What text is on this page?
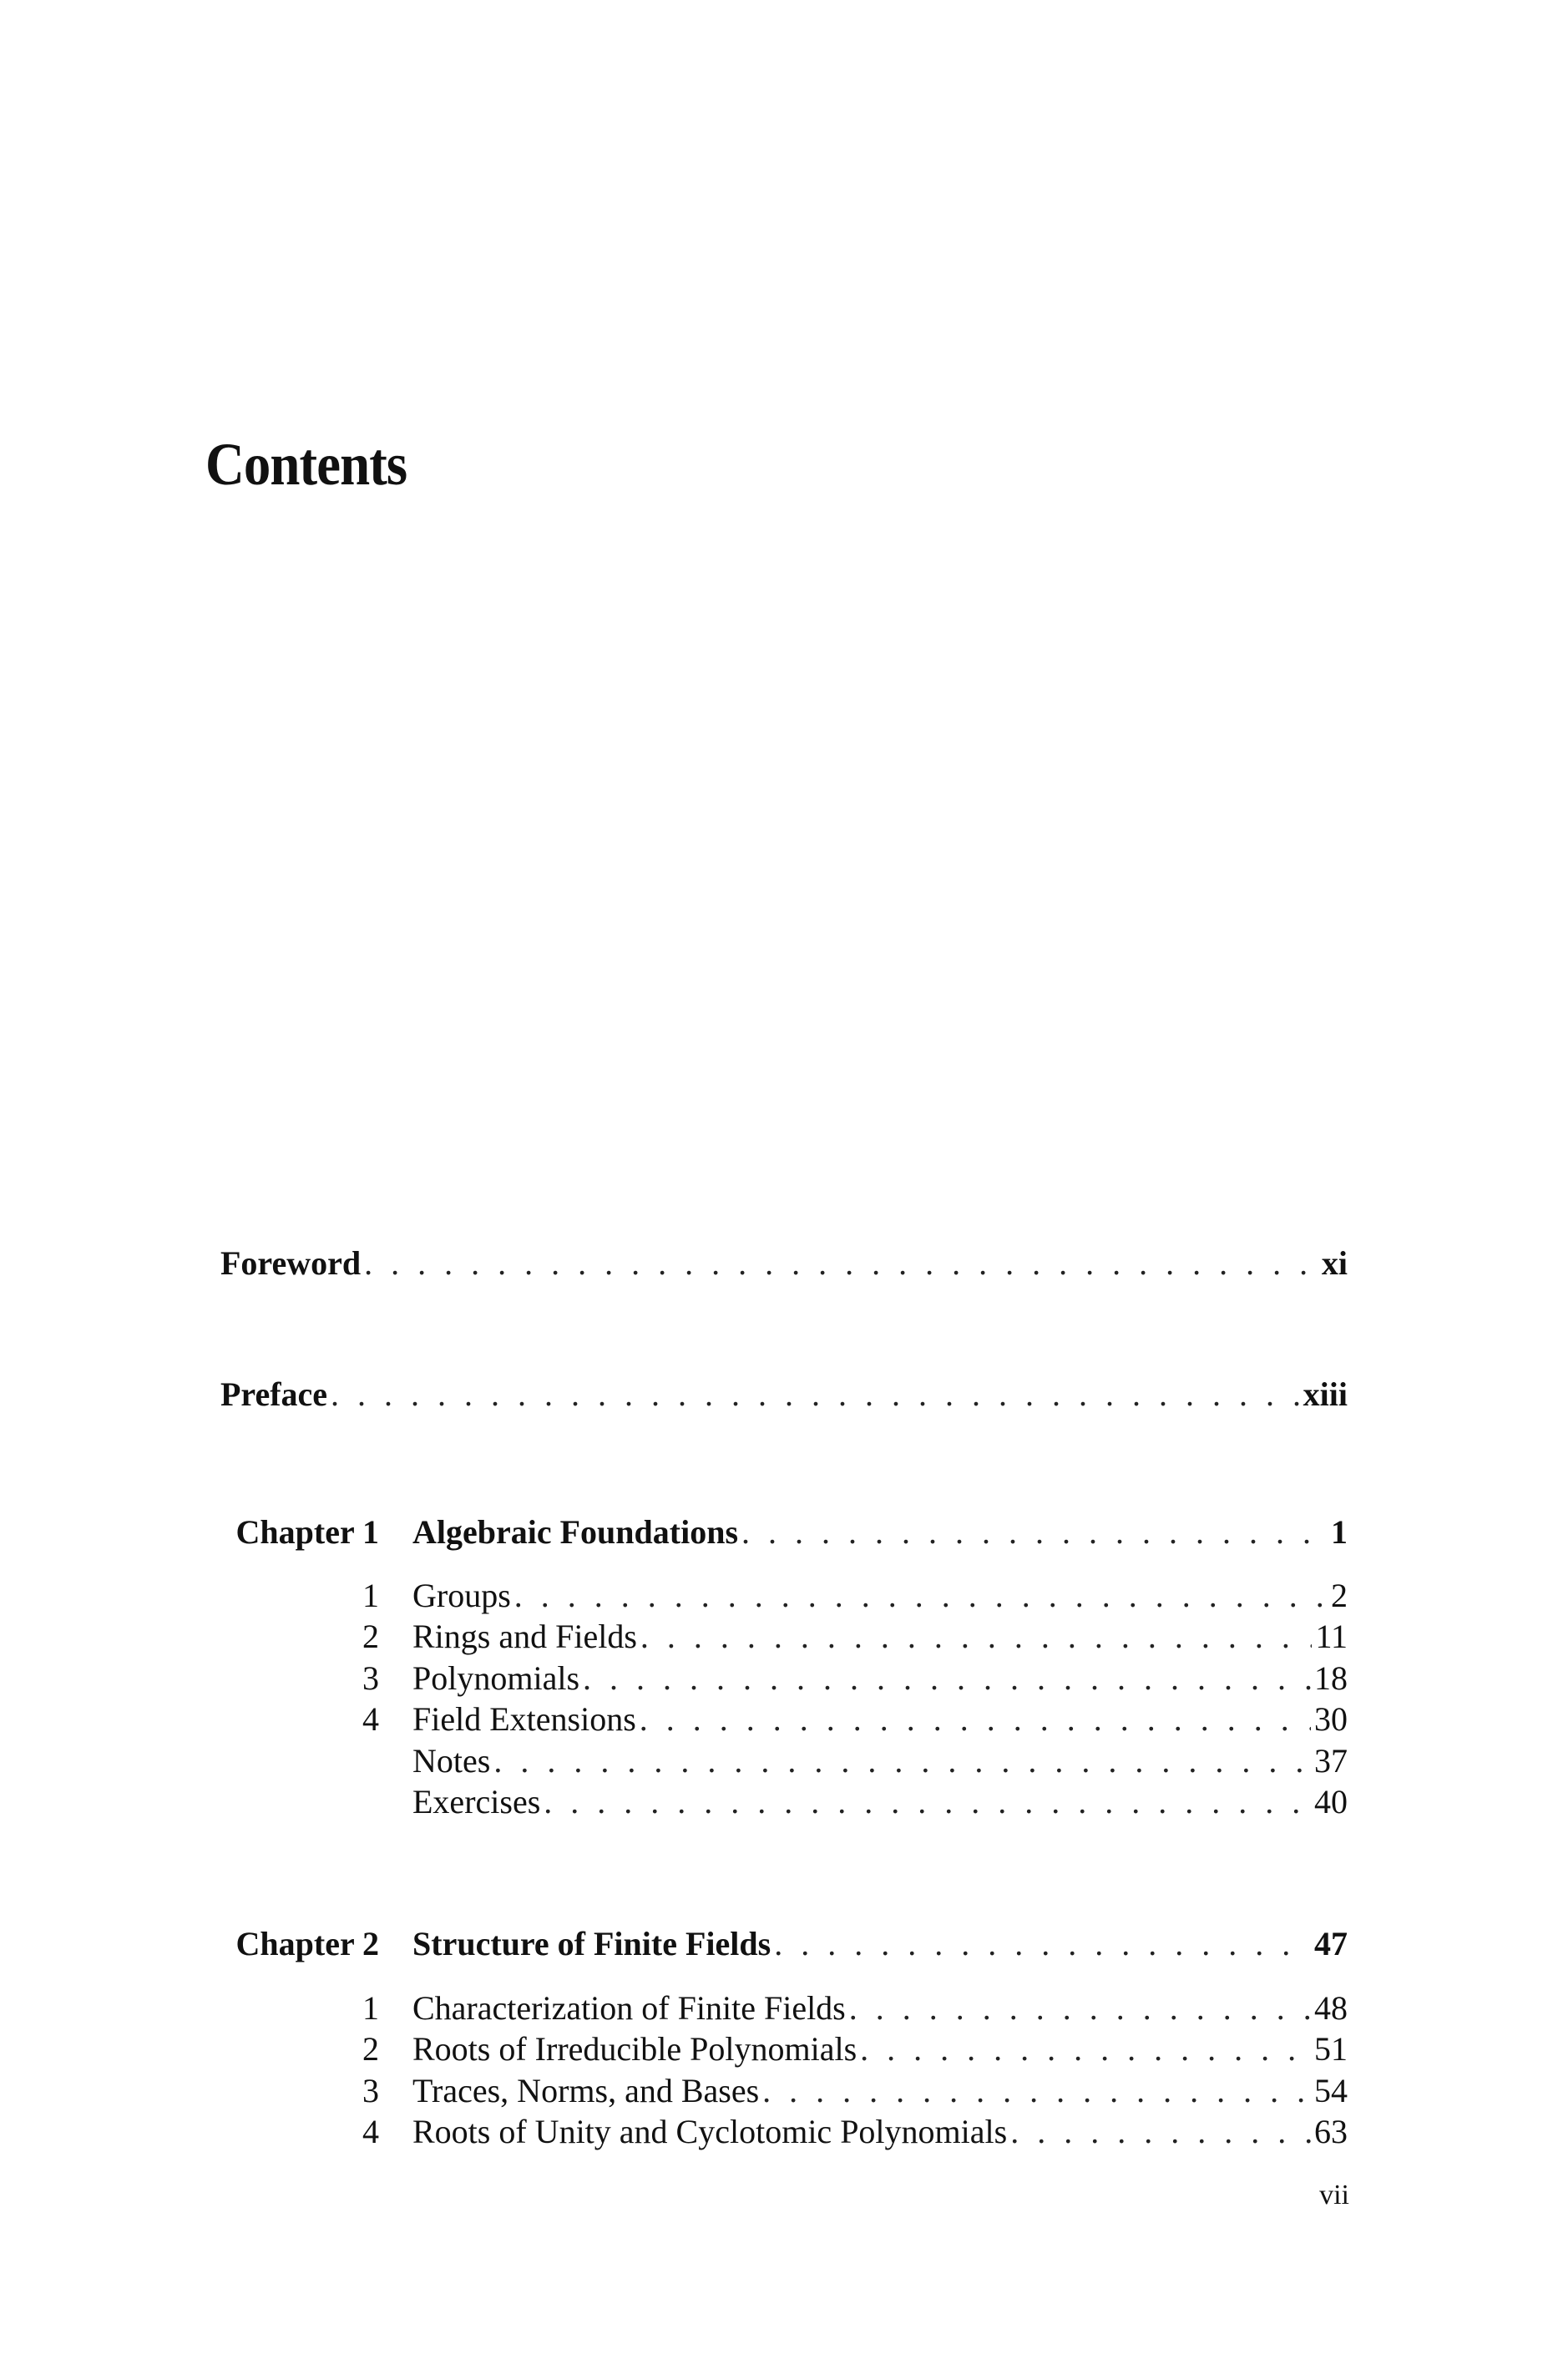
Contents
Foreword . . .	xi
Preface . . .	xiii
Chapter 1 Algebraic Foundations . . .	1
1 Groups . . .	2
2 Rings and Fields . . .	11
3 Polynomials . . .	18
4 Field Extensions . . .	30
Notes . . .	37
Exercises . . .	40
Chapter 2 Structure of Finite Fields . . .	47
1 Characterization of Finite Fields . . .	48
2 Roots of Irreducible Polynomials . . .	51
3 Traces, Norms, and Bases . . .	54
4 Roots of Unity and Cyclotomic Polynomials . . .	63
vii
